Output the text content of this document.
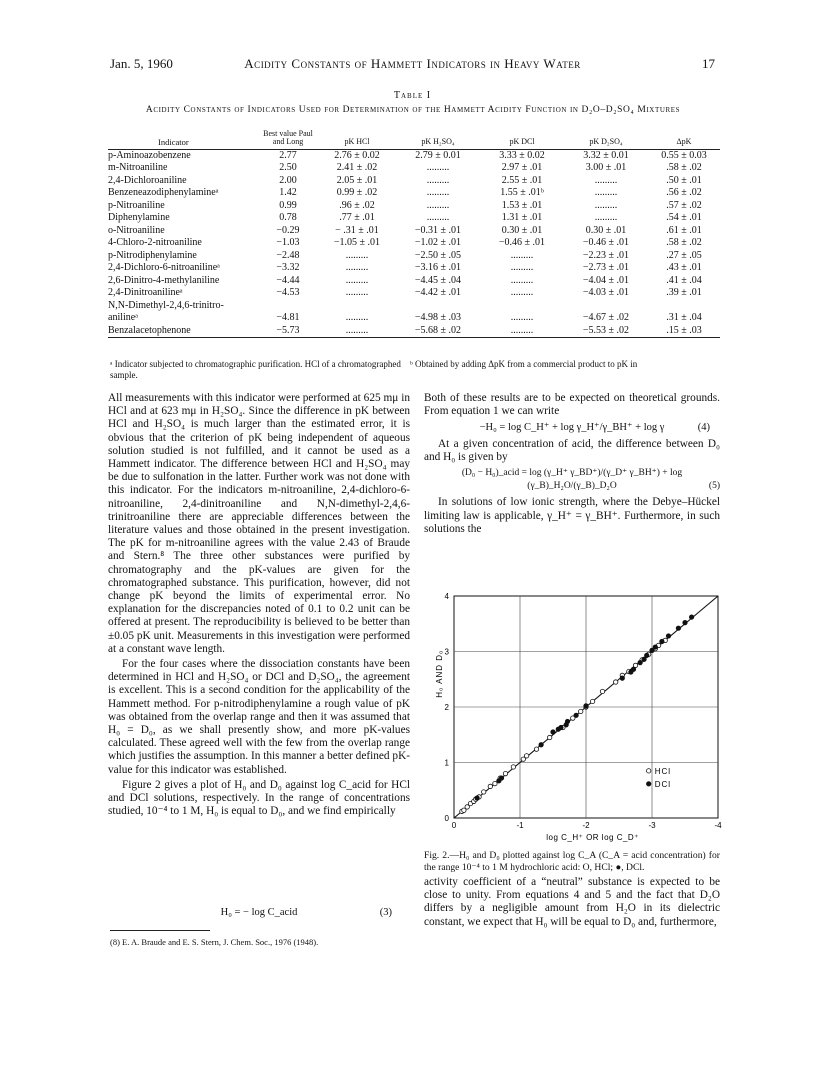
Jan. 5, 1960	Acidity Constants of Hammett Indicators in Heavy Water	17
Table I
Acidity Constants of Indicators Used for Determination of the Hammett Acidity Function in D₂O–D₂SO₄ Mixtures
Indicator	Best value Paul and Long	pK HCl	pK H₂SO₄	pK DCl	pK D₂SO₄	ΔpK
p-Aminoazobenzene	2.77	2.76 ± 0.02	2.79 ± 0.01	3.33 ± 0.02	3.32 ± 0.01	0.55 ± 0.03
m-Nitroaniline	2.50	2.41 ± .02	.........	2.97 ± .01	3.00 ± .01	.58 ± .02
2,4-Dichloroaniline	2.00	2.05 ± .01	.........	2.55 ± .01	.........	.50 ± .01
Benzeneazodiphenylamineᵃ	1.42	0.99 ± .02	.........	1.55 ± .01ᵇ	.........	.56 ± .02
p-Nitroaniline	0.99	.96 ± .02	.........	1.53 ± .01	.........	.57 ± .02
Diphenylamine	0.78	.77 ± .01	.........	1.31 ± .01	.........	.54 ± .01
o-Nitroaniline	−0.29	− .31 ± .01	−0.31 ± .01	0.30 ± .01	0.30 ± .01	.61 ± .01
4-Chloro-2-nitroaniline	−1.03	−1.05 ± .01	−1.02 ± .01	−0.46 ± .01	−0.46 ± .01	.58 ± .02
p-Nitrodiphenylamine	−2.48	.........	−2.50 ± .05	.........	−2.23 ± .01	.27 ± .05
2,4-Dichloro-6-nitroanilineᵃ	−3.32	.........	−3.16 ± .01	.........	−2.73 ± .01	.43 ± .01
2,6-Dinitro-4-methylaniline	−4.44	.........	−4.45 ± .04	.........	−4.04 ± .01	.41 ± .04
2,4-Dinitroanilineᵃ	−4.53	.........	−4.42 ± .01	.........	−4.03 ± .01	.39 ± .01
N,N-Dimethyl-2,4,6-trinitro-						
anilineᵃ	−4.81	.........	−4.98 ± .03	.........	−4.67 ± .02	.31 ± .04
Benzalacetophenone	−5.73	.........	−5.68 ± .02	.........	−5.53 ± .02	.15 ± .03
ᵃ Indicator subjected to chromatographic purification. HCl of a chromatographed sample.
ᵇ Obtained by adding ΔpK from a commercial product to pK in

All measurements with this indicator were performed at 625 mμ in HCl and at 623 mμ in H₂SO₄. Since the difference in pK between HCl and H₂SO₄ is much larger than the estimated error, it is obvious that the criterion of pK being independent of aqueous solution studied is not fulfilled, and it cannot be used as a Hammett indicator. The difference between HCl and H₂SO₄ may be due to sulfonation in the latter. Further work was not done with this indicator. For the indicators m-nitroaniline, 2,4-dichloro-6-nitroaniline, 2,4-dinitroaniline and N,N-dimethyl-2,4,6-trinitroaniline there are appreciable differences between the literature values and those obtained in the present investigation. The pK for m-nitroaniline agrees with the value 2.43 of Braude and Stern.⁸ The three other substances were purified by chromatography and the pK-values are given for the chromatographed substance. This purification, however, did not change pK beyond the limits of experimental error. No explanation for the discrepancies noted of 0.1 to 0.2 unit can be offered at present. The reproducibility is believed to be better than ±0.05 pK unit. Measurements in this investigation were performed at a constant wave length.

For the four cases where the dissociation constants have been determined in HCl and H₂SO₄ or DCl and D₂SO₄, the agreement is excellent. This is a second condition for the applicability of the Hammett method. For p-nitrodiphenylamine a rough value of pK was obtained from the overlap range and then it was assumed that H₀ = D₀, as we shall presently show, and more pK-values calculated. These agreed well with the few from the overlap range which justifies the assumption. In this manner a better defined pK-value for this indicator was established.

Figure 2 gives a plot of H₀ and D₀ against log C_acid for HCl and DCl solutions, respectively. In the range of concentrations studied, 10⁻⁴ to 1 M, H₀ is equal to D₀, and we find empirically

H₀ = − log C_acid	(3)
(8) E. A. Braude and E. S. Stern, J. Chem. Soc., 1976 (1948).

Both of these results are to be expected on theoretical grounds. From equation 1 we can write

−H₀ = log C_H⁺ + log γ_H⁺/γ_BH⁺ + log γ	(4)

At a given concentration of acid, the difference between D₀ and H₀ is given by

(D₀ − H₀)_acid = log (γ_H⁺ γ_BD⁺)/(γ_D⁺ γ_BH⁺) + log (γ_B)_H₂O/(γ_B)_D₂O	(5)

In solutions of low ionic strength, where the Debye–Hückel limiting law is applicable, γ_H⁺ = γ_BH⁺. Furthermore, in such solutions the

0	-1	-2	-3	-4
0
1
2
3
4
HCl
DCl
H₀ AND D₀
log C_H⁺ OR log C_D⁺
Fig. 2.—H₀ and D₀ plotted against log C_A (C_A = acid concentration) for the range 10⁻⁴ to 1 M hydrochloric acid: O, HCl; ●, DCl.

activity coefficient of a “neutral” substance is expected to be close to unity. From equations 4 and 5 and the fact that D₂O differs by a negligible amount from H₂O in its dielectric constant, we expect that H₀ will be equal to D₀ and, furthermore,
